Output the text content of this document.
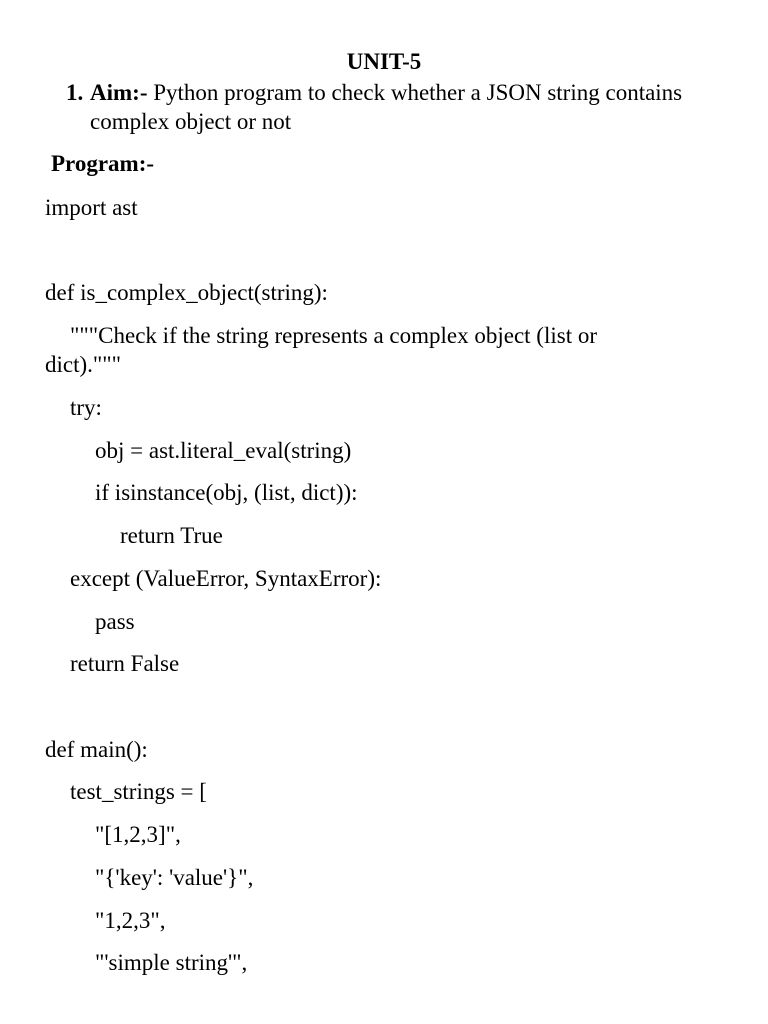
UNIT-5
1. Aim:- Python program to check whether a JSON string contains complex object or not
Program:-
import ast
def is_complex_object(string):
"""Check if the string represents a complex object (list or
dict)."""
try:
obj = ast.literal_eval(string)
if isinstance(obj, (list, dict)):
return True
except (ValueError, SyntaxError):
pass
return False
def main():
test_strings = [
"[1,2,3]",
"{'key': 'value'}",
"1,2,3",
"'simple string'",
